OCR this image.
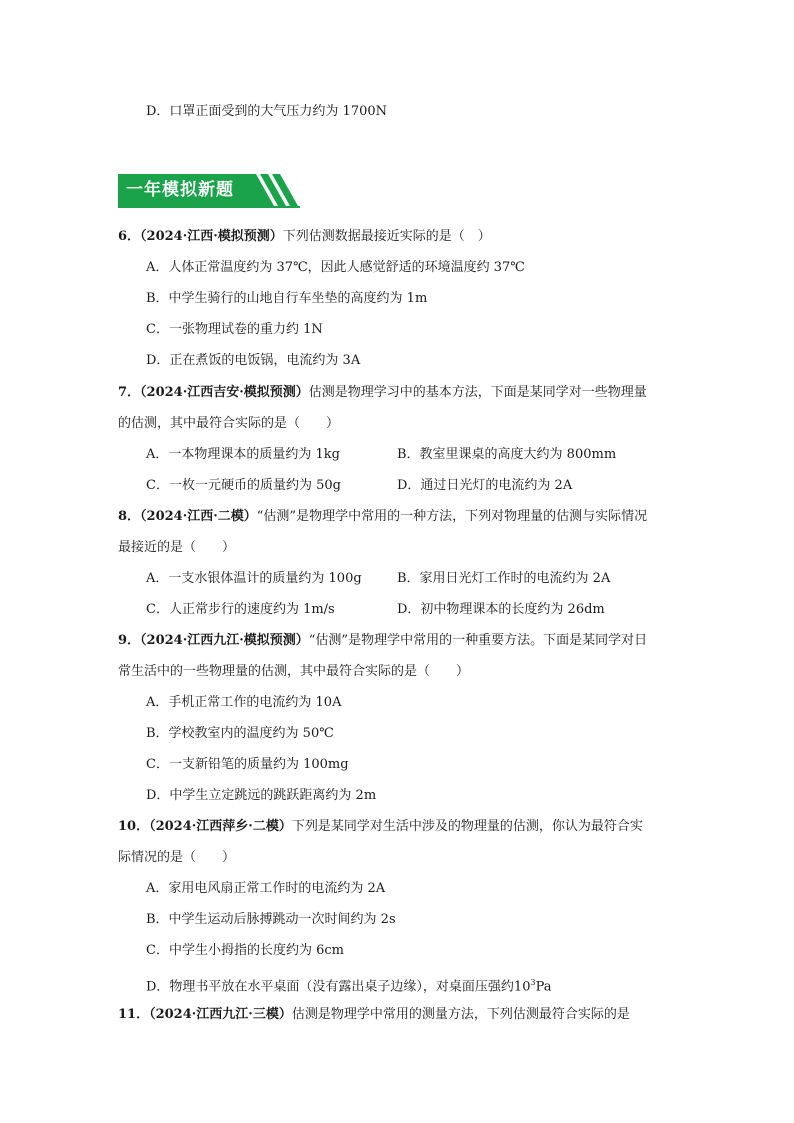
D．口罩正面受到的大气压力约为 1700N
一年模拟新题
6．（2024·江西·模拟预测）下列估测数据最接近实际的是（　）
A．人体正常温度约为 37℃，因此人感觉舒适的环境温度约 37℃
B．中学生骑行的山地自行车坐垫的高度约为 1m
C．一张物理试卷的重力约 1N
D．正在煮饭的电饭锅，电流约为 3A
7．（2024·江西吉安·模拟预测）估测是物理学习中的基本方法，下面是某同学对一些物理量
的估测，其中最符合实际的是（　　）
A．一本物理课本的质量约为 1kg	B．教室里课桌的高度大约为 800mm
C．一枚一元硬币的质量约为 50g	D．通过日光灯的电流约为 2A
8．（2024·江西·二模）“估测”是物理学中常用的一种方法，下列对物理量的估测与实际情况
最接近的是（　　）
A．一支水银体温计的质量约为 100g	B．家用日光灯工作时的电流约为 2A
C．人正常步行的速度约为 1m/s	D．初中物理课本的长度约为 26dm
9．（2024·江西九江·模拟预测）“估测”是物理学中常用的一种重要方法。下面是某同学对日
常生活中的一些物理量的估测，其中最符合实际的是（　　）
A．手机正常工作的电流约为 10A
B．学校教室内的温度约为 50℃
C．一支新铅笔的质量约为 100mg
D．中学生立定跳远的跳跃距离约为 2m
10．（2024·江西萍乡·二模）下列是某同学对生活中涉及的物理量的估测，你认为最符合实
际情况的是（　　）
A．家用电风扇正常工作时的电流约为 2A
B．中学生运动后脉搏跳动一次时间约为 2s
C．中学生小拇指的长度约为 6cm
D．物理书平放在水平桌面（没有露出桌子边缘），对桌面压强约$10^3Pa$
11．（2024·江西九江·三模）估测是物理学中常用的测量方法，下列估测最符合实际的是
